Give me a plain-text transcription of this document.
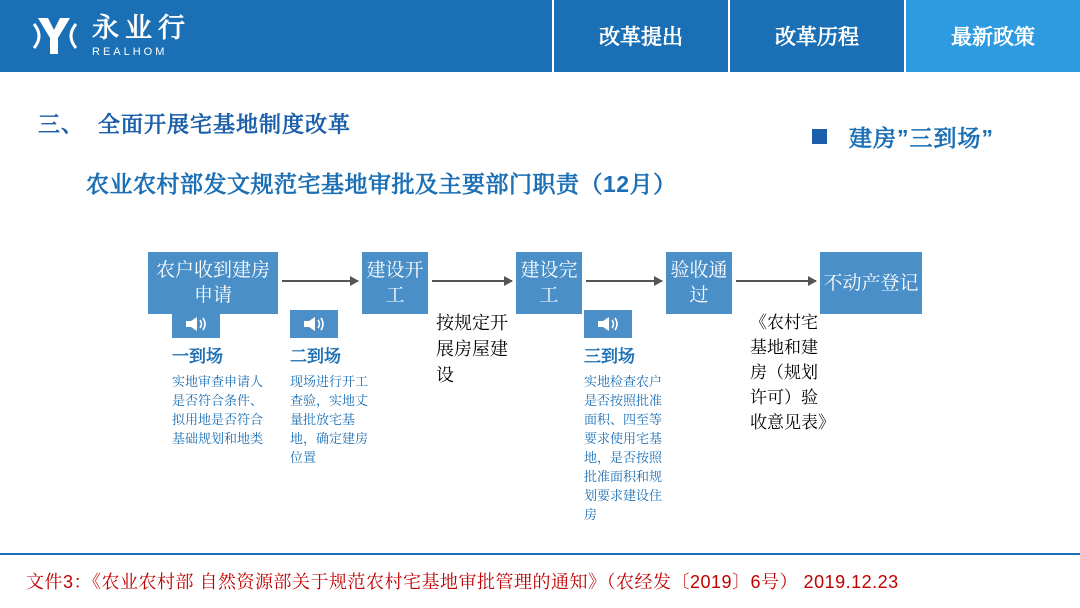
永业行
REALHOM
改革提出	改革历程	最新政策
三、 全面开展宅基地制度改革
农业农村部发文规范宅基地审批及主要部门职责（12月）
建房”三到场”
农户收到建房申请
建设开工
建设完工
验收通过
不动产登记
一到场
实地审查申请人是否符合条件、拟用地是否符合基础规划和地类
二到场
现场进行开工查验，实地丈量批放宅基地，确定建房位置
按规定开展房屋建设
三到场
实地检查农户是否按照批准面积、四至等要求使用宅基地，是否按照批准面积和规划要求建设住房
《农村宅基地和建房（规划许可）验收意见表》
文件3：《农业农村部 自然资源部关于规范农村宅基地审批管理的通知》（农经发〔2019〕6号） 2019.12.23
